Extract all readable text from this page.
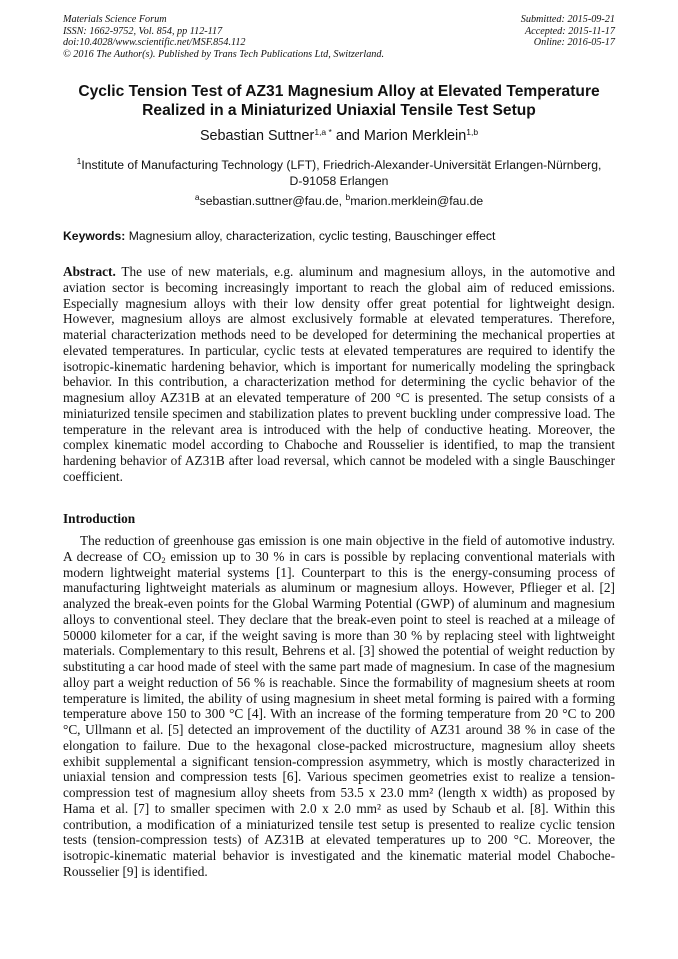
Materials Science Forum
ISSN: 1662-9752, Vol. 854, pp 112-117
doi:10.4028/www.scientific.net/MSF.854.112
© 2016 The Author(s). Published by Trans Tech Publications Ltd, Switzerland.
Submitted: 2015-09-21
Accepted: 2015-11-17
Online: 2016-05-17
Cyclic Tension Test of AZ31 Magnesium Alloy at Elevated Temperature
Realized in a Miniaturized Uniaxial Tensile Test Setup
Sebastian Suttner$^{1,a *}$ and Marion Merklein$^{1,b}$
$^1$Institute of Manufacturing Technology (LFT), Friedrich-Alexander-Universität Erlangen-Nürnberg,
D-91058 Erlangen
$^a$sebastian.suttner@fau.de, $^b$marion.merklein@fau.de
Keywords: Magnesium alloy, characterization, cyclic testing, Bauschinger effect
Abstract. The use of new materials, e.g. aluminum and magnesium alloys, in the automotive and aviation sector is becoming increasingly important to reach the global aim of reduced emissions. Especially magnesium alloys with their low density offer great potential for lightweight design. However, magnesium alloys are almost exclusively formable at elevated temperatures. Therefore, material characterization methods need to be developed for determining the mechanical properties at elevated temperatures. In particular, cyclic tests at elevated temperatures are required to identify the isotropic-kinematic hardening behavior, which is important for numerically modeling the springback behavior. In this contribution, a characterization method for determining the cyclic behavior of the magnesium alloy AZ31B at an elevated temperature of 200 °C is presented. The setup consists of a miniaturized tensile specimen and stabilization plates to prevent buckling under compressive load. The temperature in the relevant area is introduced with the help of conductive heating. Moreover, the complex kinematic model according to Chaboche and Rousselier is identified, to map the transient hardening behavior of AZ31B after load reversal, which cannot be modeled with a single Bauschinger coefficient.
Introduction
The reduction of greenhouse gas emission is one main objective in the field of automotive industry. A decrease of $CO_2$ emission up to 30 % in cars is possible by replacing conventional materials with modern lightweight material systems [1]. Counterpart to this is the energy-consuming process of manufacturing lightweight materials as aluminum or magnesium alloys. However, Pflieger et al. [2] analyzed the break-even points for the Global Warming Potential (GWP) of aluminum and magnesium alloys to conventional steel. They declare that the break-even point to steel is reached at a mileage of 50000 kilometer for a car, if the weight saving is more than 30 % by replacing steel with lightweight materials. Complementary to this result, Behrens et al. [3] showed the potential of weight reduction by substituting a car hood made of steel with the same part made of magnesium. In case of the magnesium alloy part a weight reduction of 56 % is reachable. Since the formability of magnesium sheets at room temperature is limited, the ability of using magnesium in sheet metal forming is paired with a forming temperature above 150 to 300 °C [4]. With an increase of the forming temperature from 20 °C to 200 °C, Ullmann et al. [5] detected an improvement of the ductility of AZ31 around 38 % in case of the elongation to failure. Due to the hexagonal close-packed microstructure, magnesium alloy sheets exhibit supplemental a significant tension-compression asymmetry, which is mostly characterized in uniaxial tension and compression tests [6]. Various specimen geometries exist to realize a tension-compression test of magnesium alloy sheets from 53.5 x 23.0 mm² (length x width) as proposed by Hama et al. [7] to smaller specimen with 2.0 x 2.0 mm² as used by Schaub et al. [8]. Within this contribution, a modification of a miniaturized tensile test setup is presented to realize cyclic tension tests (tension-compression tests) of AZ31B at elevated temperatures up to 200 °C. Moreover, the isotropic-kinematic material behavior is investigated and the kinematic material model Chaboche-Rousselier [9] is identified.
